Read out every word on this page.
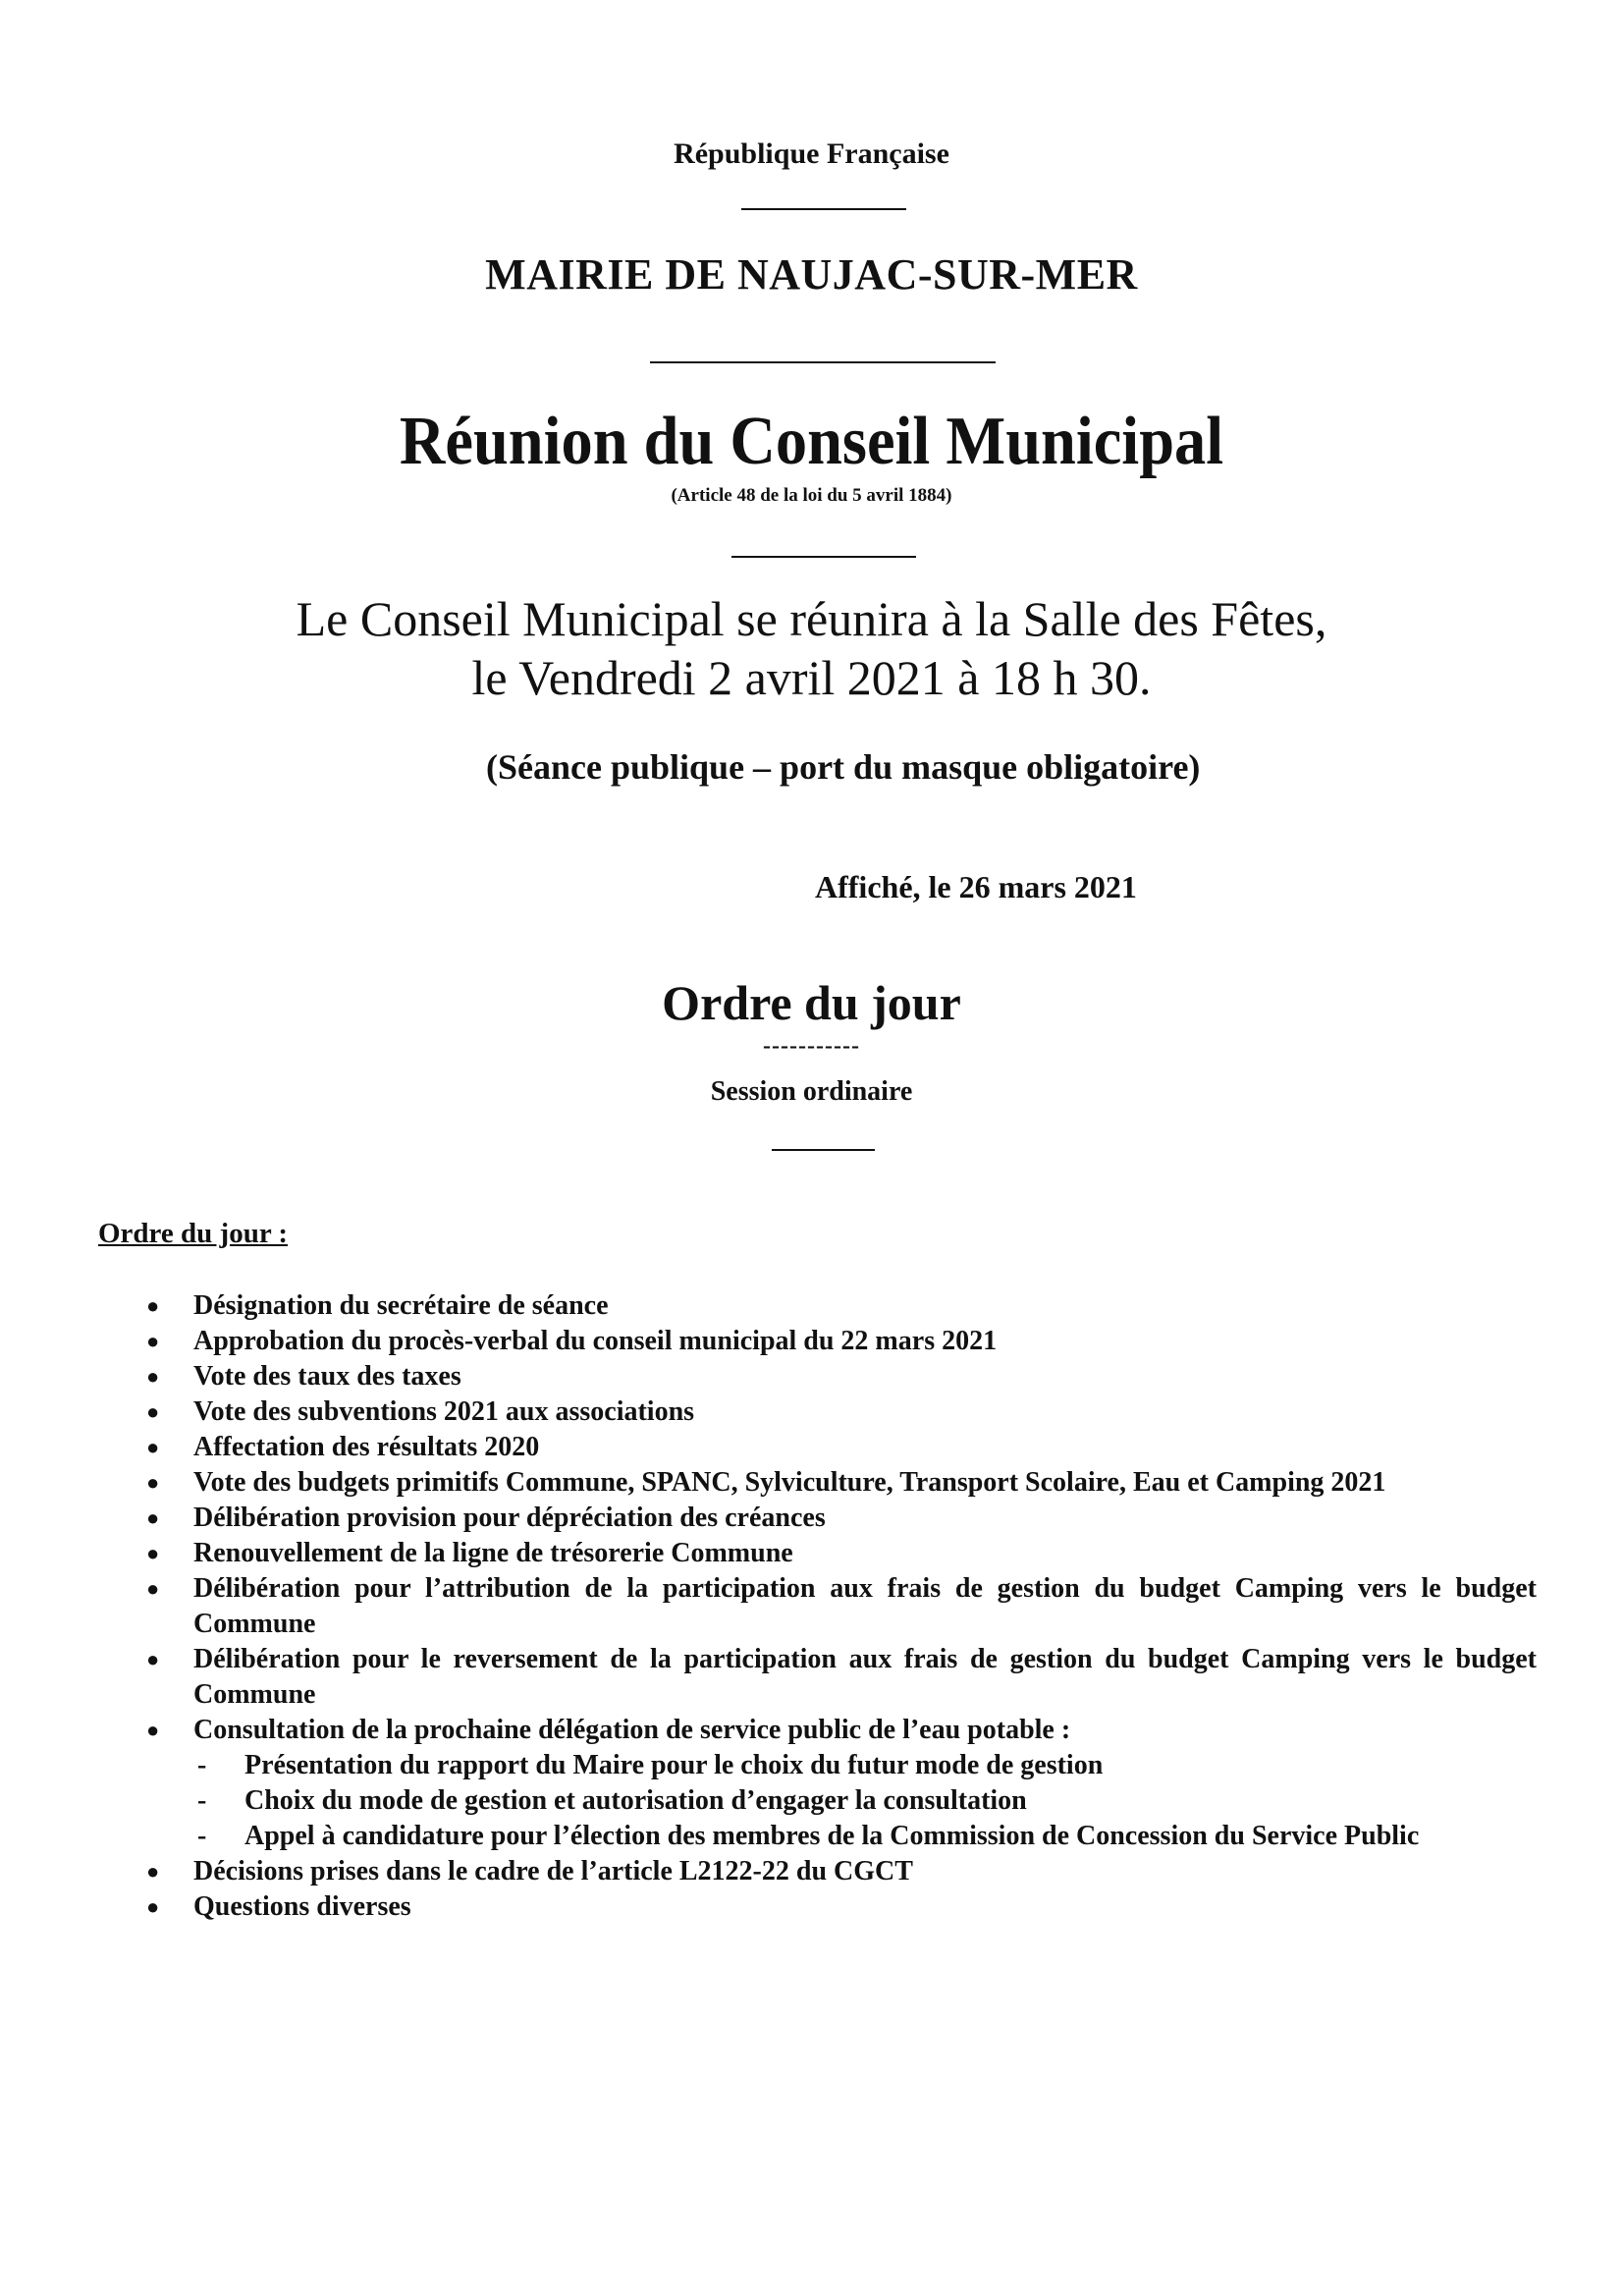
République Française
MAIRIE DE NAUJAC-SUR-MER
Réunion du Conseil Municipal
(Article 48 de la loi du 5 avril 1884)
Le Conseil Municipal se réunira à la Salle des Fêtes,
le Vendredi 2 avril 2021 à 18 h 30.
(Séance publique – port du masque obligatoire)
Affiché, le 26 mars 2021
Ordre du jour
-----------
Session ordinaire
Ordre du jour :
● Désignation du secrétaire de séance
● Approbation du procès-verbal du conseil municipal du 22 mars 2021
● Vote des taux des taxes
● Vote des subventions 2021 aux associations
● Affectation des résultats 2020
● Vote des budgets primitifs Commune, SPANC, Sylviculture, Transport Scolaire, Eau et Camping 2021
● Délibération provision pour dépréciation des créances
● Renouvellement de la ligne de trésorerie Commune
● Délibération pour l’attribution de la participation aux frais de gestion du budget Camping vers le budget Commune
● Délibération pour le reversement de la participation aux frais de gestion du budget Camping vers le budget Commune
● Consultation de la prochaine délégation de service public de l’eau potable :
- Présentation du rapport du Maire pour le choix du futur mode de gestion
- Choix du mode de gestion et autorisation d’engager la consultation
- Appel à candidature pour l’élection des membres de la Commission de Concession du Service Public
● Décisions prises dans le cadre de l’article L2122-22 du CGCT
● Questions diverses
